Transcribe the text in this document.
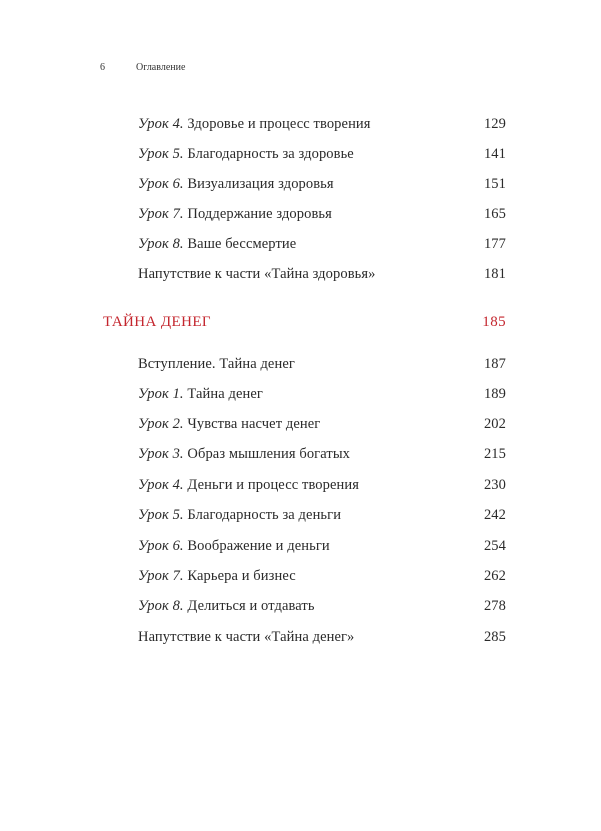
6	Оглавление
Урок 4. Здоровье и процесс творения	129
Урок 5. Благодарность за здоровье	141
Урок 6. Визуализация здоровья	151
Урок 7. Поддержание здоровья	165
Урок 8. Ваше бессмертие	177
Напутствие к части «Тайна здоровья»	181
ТАЙНА ДЕНЕГ	185
Вступление. Тайна денег	187
Урок 1. Тайна денег	189
Урок 2. Чувства насчет денег	202
Урок 3. Образ мышления богатых	215
Урок 4. Деньги и процесс творения	230
Урок 5. Благодарность за деньги	242
Урок 6. Воображение и деньги	254
Урок 7. Карьера и бизнес	262
Урок 8. Делиться и отдавать	278
Напутствие к части «Тайна денег»	285
